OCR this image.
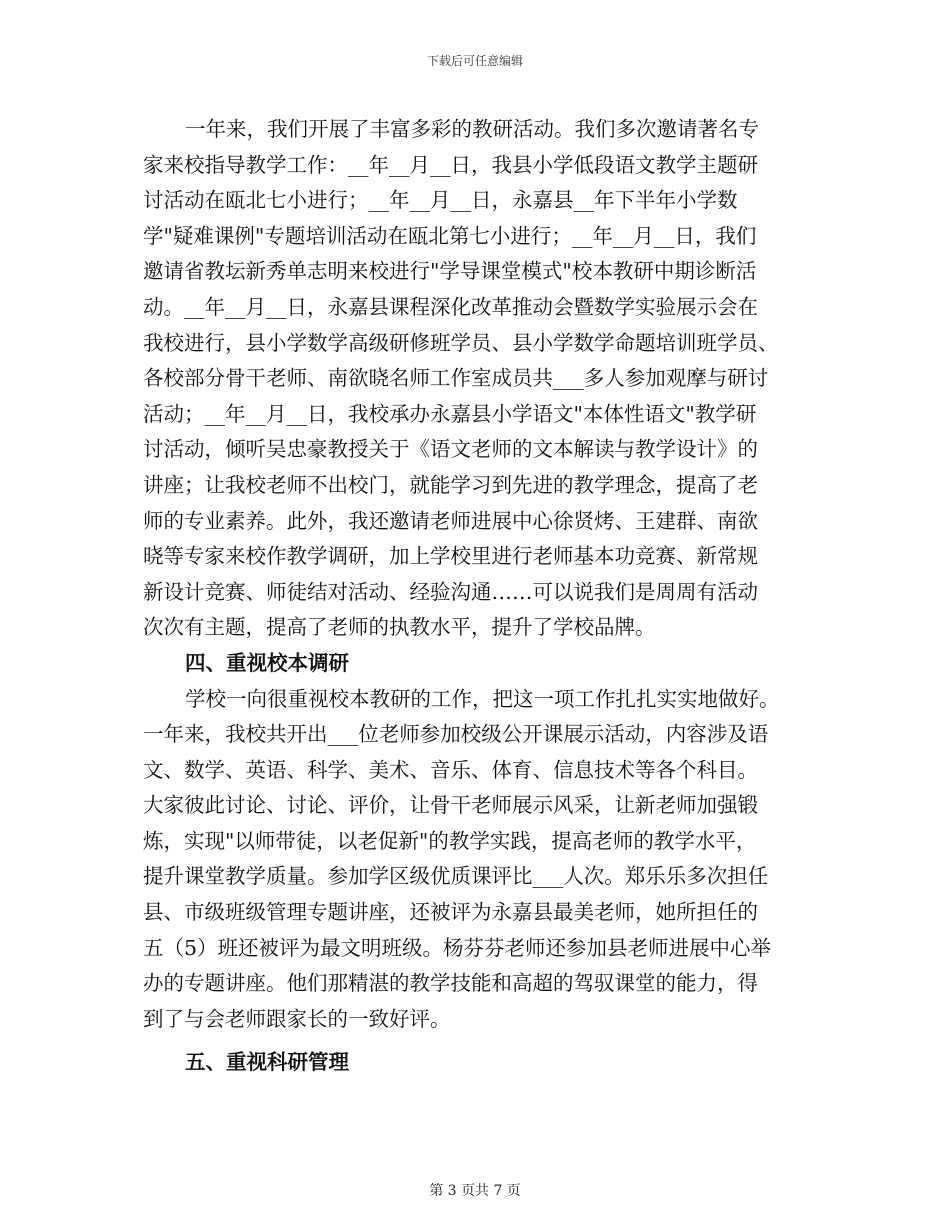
下载后可任意编辑
一年来，我们开展了丰富多彩的教研活动。我们多次邀请著名专
家来校指导教学工作：__年__月__日，我县小学低段语文教学主题研
讨活动在瓯北七小进行；__年__月__日，永嘉县__年下半年小学数
学"疑难课例"专题培训活动在瓯北第七小进行；__年__月__日，我们
邀请省教坛新秀单志明来校进行"学导课堂模式"校本教研中期诊断活
动。__年__月__日，永嘉县课程深化改革推动会暨数学实验展示会在
我校进行，县小学数学高级研修班学员、县小学数学命题培训班学员、
各校部分骨干老师、南欲晓名师工作室成员共___多人参加观摩与研讨
活动；__年__月__日，我校承办永嘉县小学语文"本体性语文"教学研
讨活动，倾听吴忠豪教授关于《语文老师的文本解读与教学设计》的
讲座；让我校老师不出校门，就能学习到先进的教学理念，提高了老
师的专业素养。此外，我还邀请老师进展中心徐贤烤、王建群、南欲
晓等专家来校作教学调研，加上学校里进行老师基本功竞赛、新常规
新设计竞赛、师徒结对活动、经验沟通……可以说我们是周周有活动
次次有主题，提高了老师的执教水平，提升了学校品牌。
四、重视校本调研
学校一向很重视校本教研的工作，把这一项工作扎扎实实地做好。
一年来，我校共开出___位老师参加校级公开课展示活动，内容涉及语
文、数学、英语、科学、美术、音乐、体育、信息技术等各个科目。
大家彼此讨论、讨论、评价，让骨干老师展示风采，让新老师加强锻
炼，实现"以师带徒，以老促新"的教学实践，提高老师的教学水平，
提升课堂教学质量。参加学区级优质课评比___人次。郑乐乐多次担任
县、市级班级管理专题讲座，还被评为永嘉县最美老师，她所担任的
五（5）班还被评为最文明班级。杨芬芬老师还参加县老师进展中心举
办的专题讲座。他们那精湛的教学技能和高超的驾驭课堂的能力，得
到了与会老师跟家长的一致好评。
五、重视科研管理
第 3 页共 7 页
